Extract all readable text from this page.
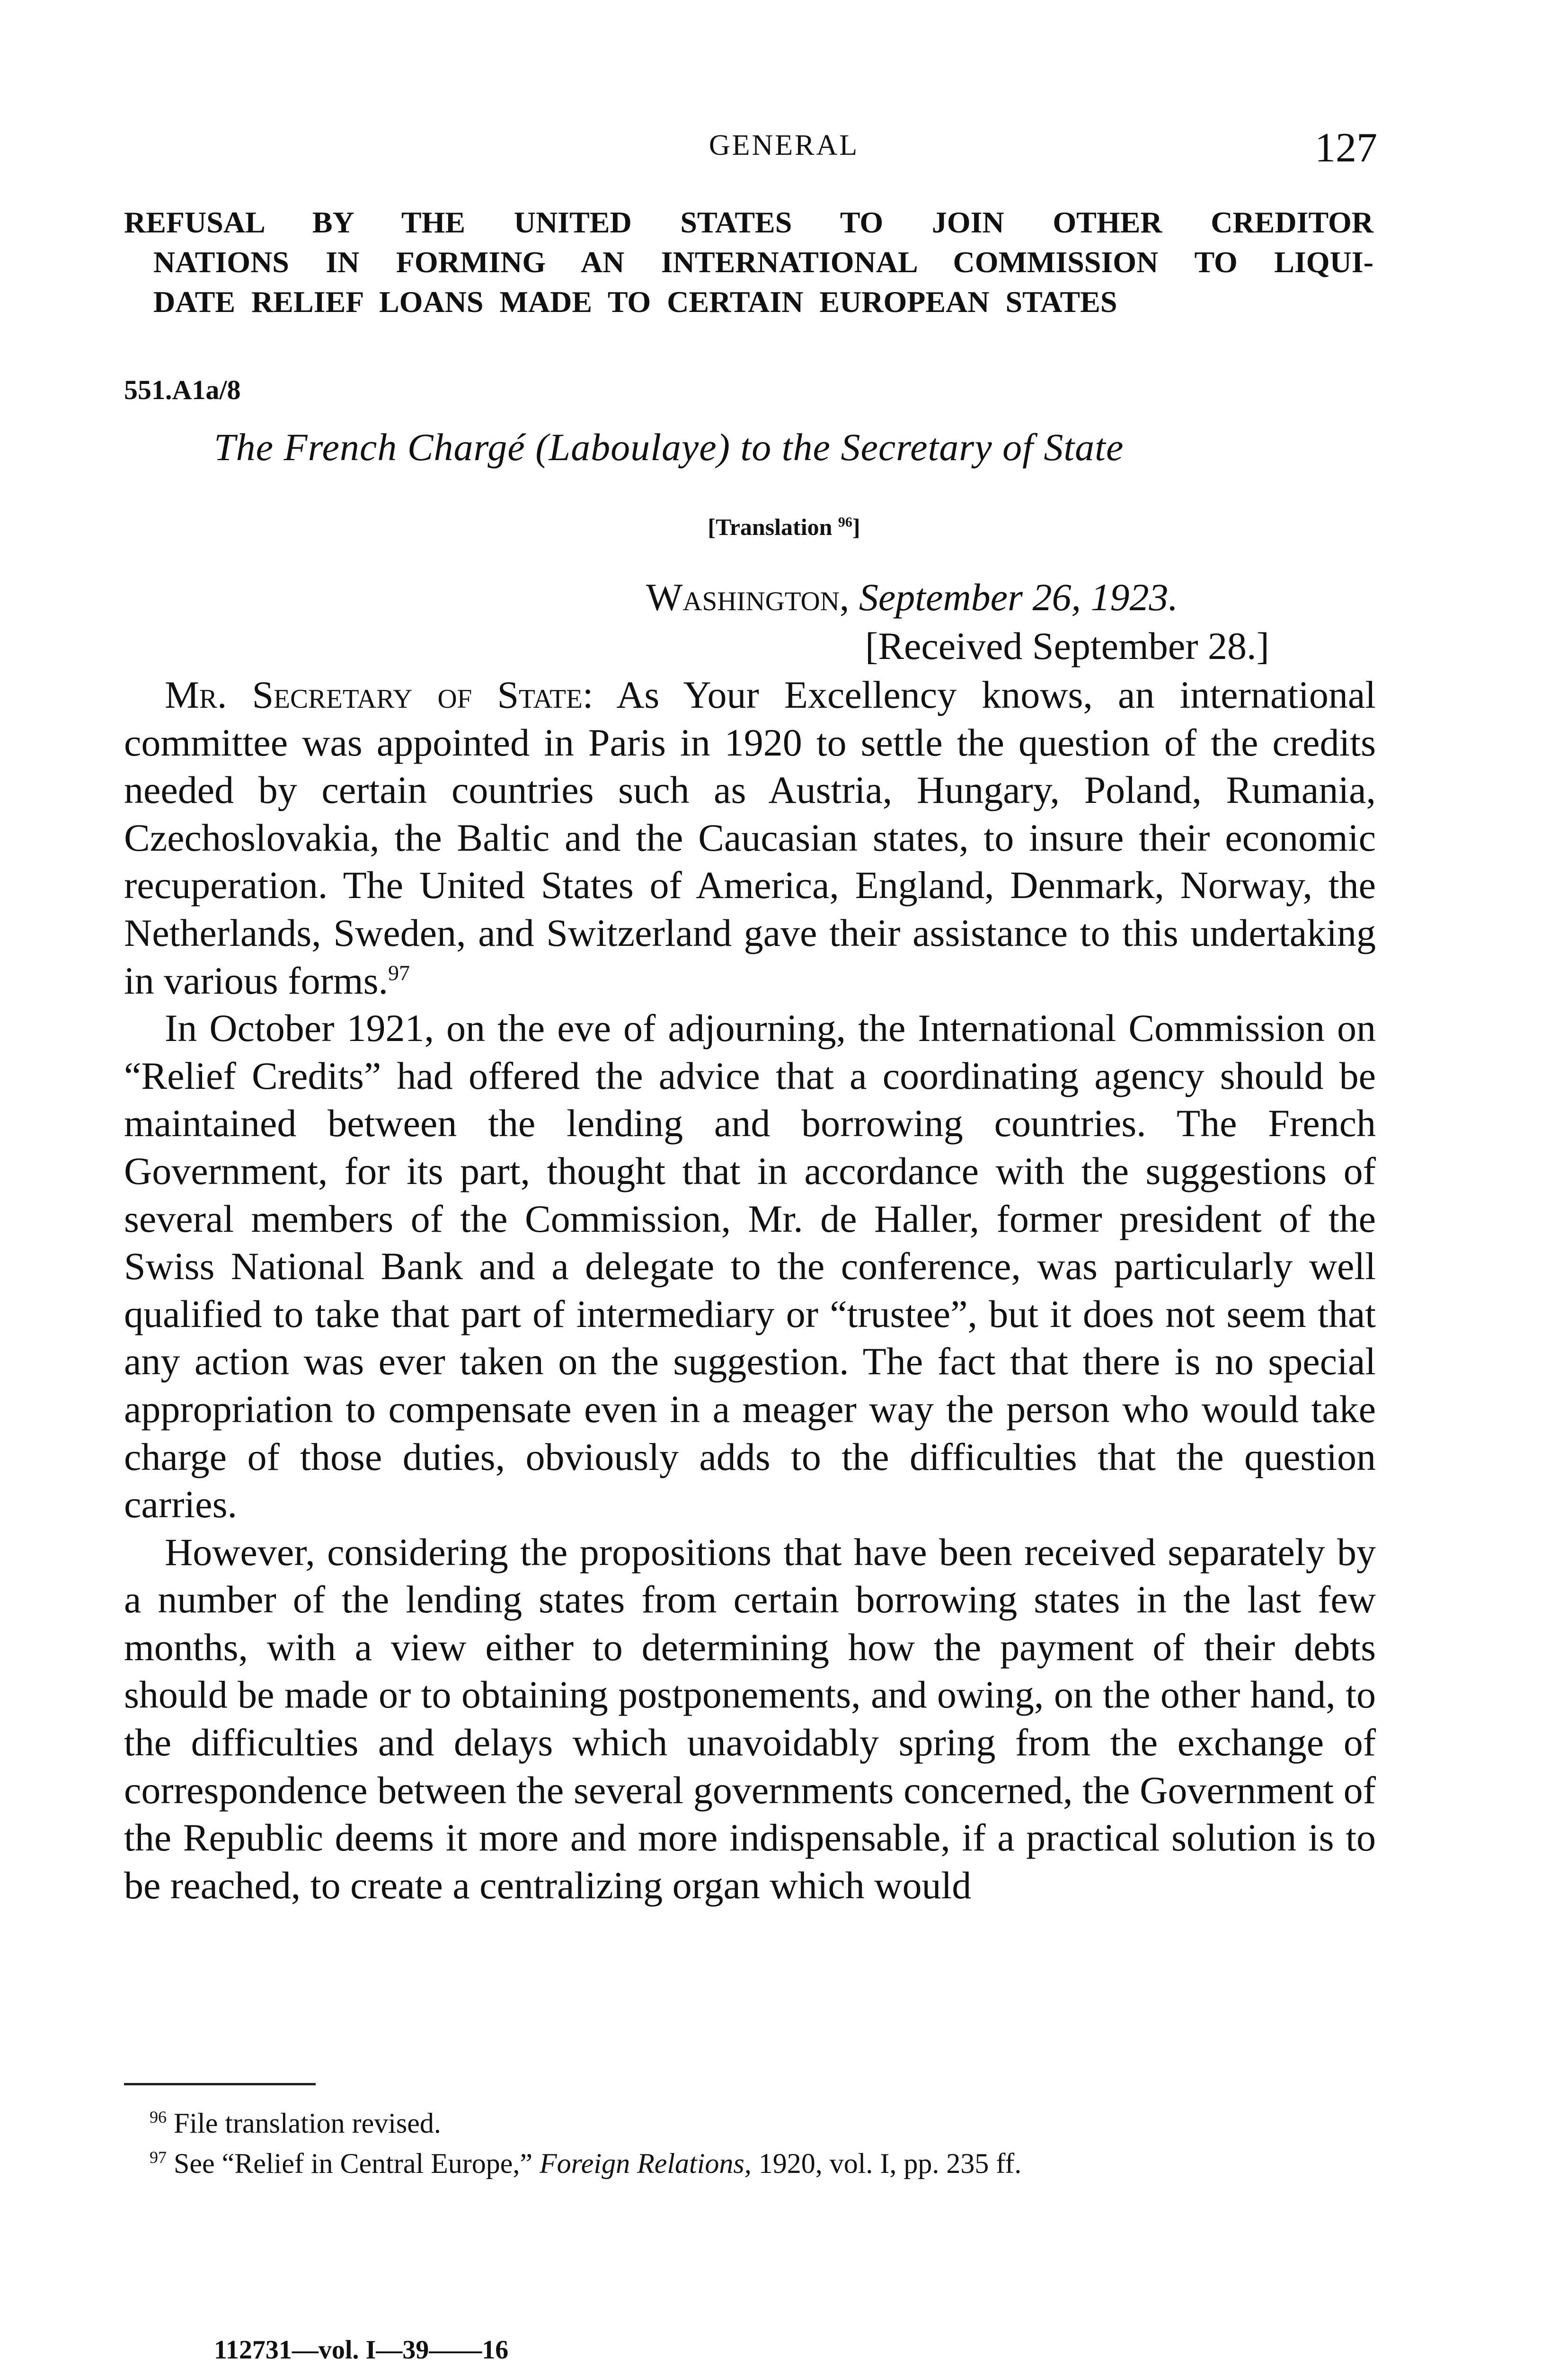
GENERAL	127
REFUSAL BY THE UNITED STATES TO JOIN OTHER CREDITOR
NATIONS IN FORMING AN INTERNATIONAL COMMISSION TO LIQUI-
DATE RELIEF LOANS MADE TO CERTAIN EUROPEAN STATES
551.A1a/8
The French Chargé (Laboulaye) to the Secretary of State
[Translation $^{96}$]
Washington, September 26, 1923.
[Received September 28.]

Mr. Secretary of State: As Your Excellency knows, an international committee was appointed in Paris in 1920 to settle the question of the credits needed by certain countries such as Austria, Hungary, Poland, Rumania, Czechoslovakia, the Baltic and the Caucasian states, to insure their economic recuperation. The United States of America, England, Denmark, Norway, the Netherlands, Sweden, and Switzerland gave their assistance to this undertaking in various forms.$^{97}$

In October 1921, on the eve of adjourning, the International Commission on “Relief Credits” had offered the advice that a coordinating agency should be maintained between the lending and borrowing countries. The French Government, for its part, thought that in accordance with the suggestions of several members of the Commission, Mr. de Haller, former president of the Swiss National Bank and a delegate to the conference, was particularly well qualified to take that part of intermediary or “trustee”, but it does not seem that any action was ever taken on the suggestion. The fact that there is no special appropriation to compensate even in a meager way the person who would take charge of those duties, obviously adds to the difficulties that the question carries.

However, considering the propositions that have been received separately by a number of the lending states from certain borrowing states in the last few months, with a view either to determining how the payment of their debts should be made or to obtaining postponements, and owing, on the other hand, to the difficulties and delays which unavoidably spring from the exchange of correspondence between the several governments concerned, the Government of the Republic deems it more and more indispensable, if a practical solution is to be reached, to create a centralizing organ which would

$^{96}$ File translation revised.
$^{97}$ See “Relief in Central Europe,” Foreign Relations, 1920, vol. I, pp. 235 ff.
112731—vol. I—39——16
